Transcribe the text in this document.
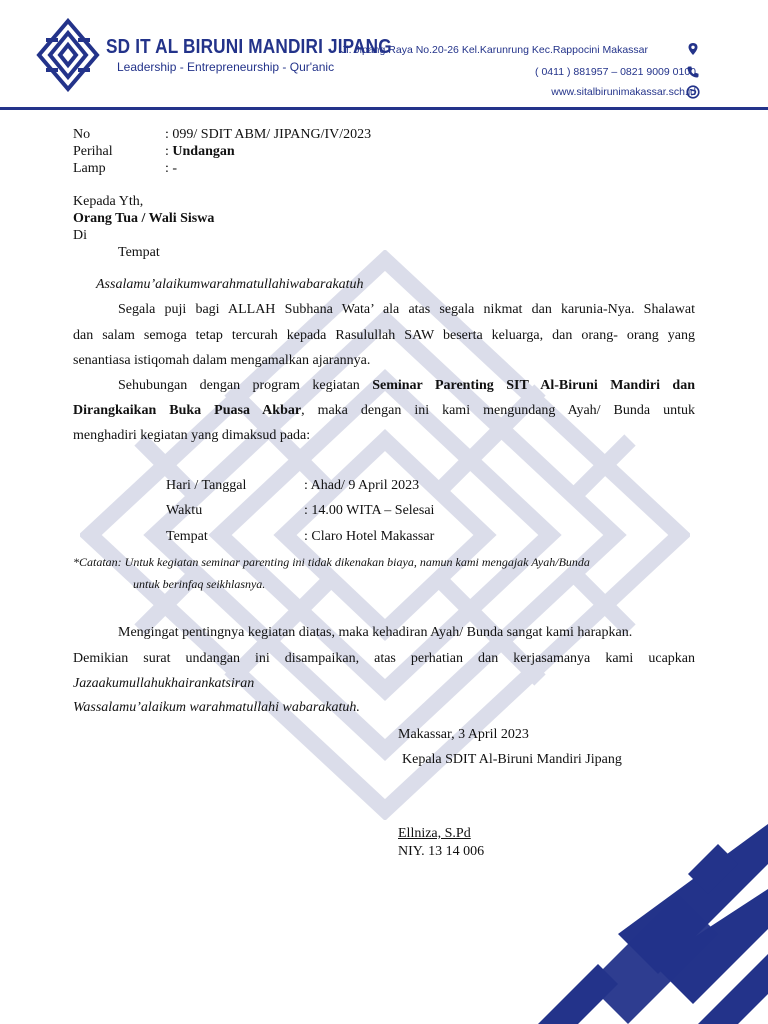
SD IT AL BIRUNI MANDIRI JIPANG
Leadership - Entrepreneurship - Qur'anic
Jl. Jipang Raya No.20-26 Kel.Karunrung Kec.Rappocini Makassar
( 0411 ) 881957 – 0821 9009 0100
www.sitalbirunimakassar.sch.id
No	: 099/ SDIT ABM/ JIPANG/IV/2023
Perihal	: Undangan
Lamp	: -
Kepada Yth,
Orang Tua / Wali Siswa
Di
Tempat
Assalamu’alaikumwarahmatullahiwabarakatuh
Segala puji bagi ALLAH Subhana Wata’ ala atas segala nikmat dan karunia-Nya. Shalawat
dan salam semoga tetap tercurah kepada Rasulullah SAW beserta keluarga, dan orang- orang yang
senantiasa istiqomah dalam mengamalkan ajarannya.
Sehubungan dengan program kegiatan Seminar Parenting SIT Al-Biruni Mandiri dan
Dirangkaikan Buka Puasa Akbar, maka dengan ini kami mengundang Ayah/ Bunda untuk
menghadiri kegiatan yang dimaksud pada:
Hari / Tanggal	: Ahad/ 9 April 2023
Waktu	: 14.00 WITA – Selesai
Tempat	: Claro Hotel Makassar
*Catatan: Untuk kegiatan seminar parenting ini tidak dikenakan biaya, namun kami mengajak Ayah/Bunda
untuk berinfaq seikhlasnya.
Mengingat pentingnya kegiatan diatas, maka kehadiran Ayah/ Bunda sangat kami harapkan.
Demikian surat undangan ini disampaikan, atas perhatian dan kerjasamanya kami ucapkan
Jazaakumullahukhairankatsiran
Wassalamu’alaikum warahmatullahi wabarakatuh.
Makassar, 3 April 2023
Kepala SDIT Al-Biruni Mandiri Jipang
Ellniza, S.Pd
NIY. 13 14 006
